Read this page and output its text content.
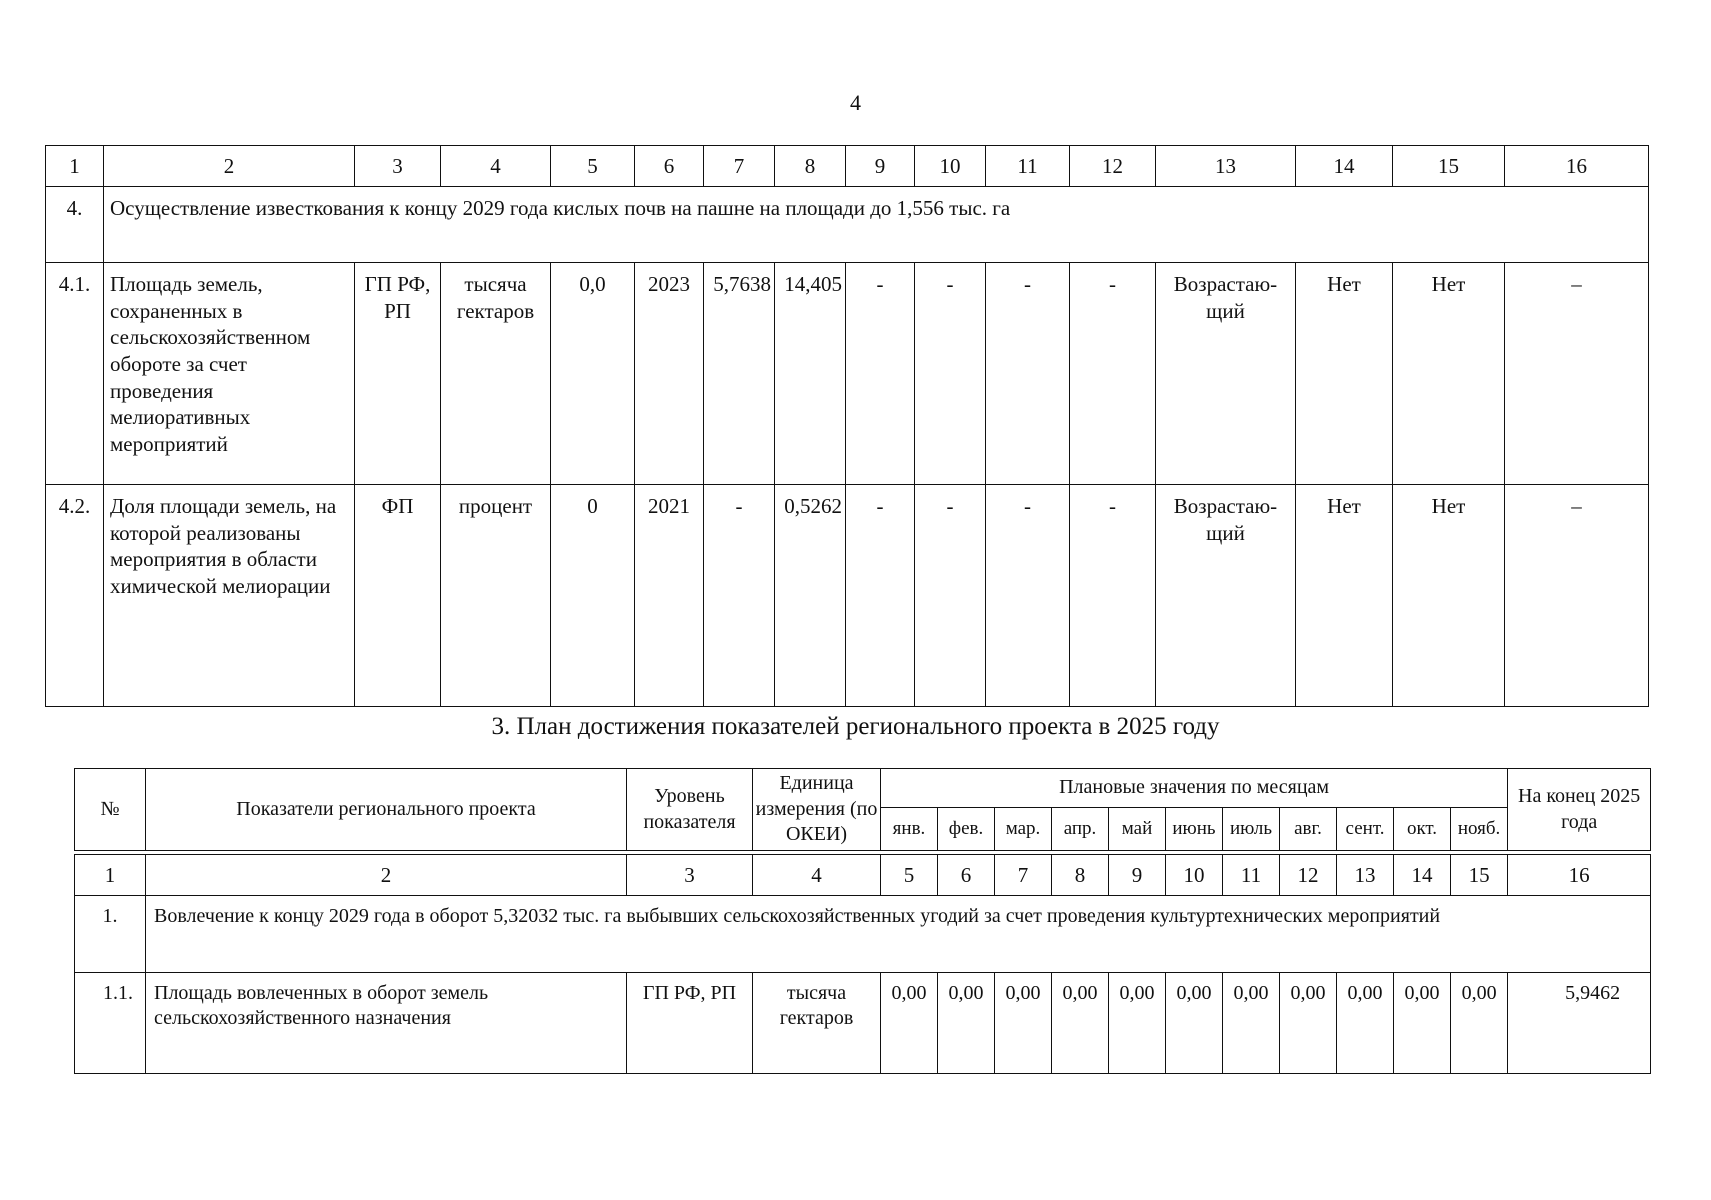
4
1	2	3	4	5	6	7	8	9	10	11	12	13	14	15	16
4.	Осуществление известкования к концу 2029 года кислых почв на пашне на площади до 1,556 тыс. га														
4.1.	Площадь земель, сохраненных в сельскохозяйственном обороте за счет проведения мелиоративных мероприятий	ГП РФ, РП	тысяча гектаров	0,0	2023	5,7638	14,405	-	-	-	-	Возрастаю-щий	Нет	Нет	–
4.2.	Доля площади земель, на которой реализованы мероприятия в области химической мелиорации	ФП	процент	0	2021	-	0,5262	-	-	-	-	Возрастаю-щий	Нет	Нет	–
3. План достижения показателей регионального проекта в 2025 году
№	Показатели регионального проекта	Уровень показателя	Единица измерения (по ОКЕИ)	Плановые значения по месяцам											На конец 2025 года
				янв.	фев.	мар.	апр.	май	июнь	июль	авг.	сент.	окт.	нояб.	

1	2	3	4	5	6	7	8	9	10	11	12	13	14	15	16
1.	Вовлечение к концу 2029 года в оборот 5,32032 тыс. га выбывших сельскохозяйственных угодий за счет проведения культуртехнических мероприятий														
1.1.	Площадь вовлеченных в оборот земель сельскохозяйственного назначения	ГП РФ, РП	тысяча гектаров	0,00	0,00	0,00	0,00	0,00	0,00	0,00	0,00	0,00	0,00	0,00	5,9462
